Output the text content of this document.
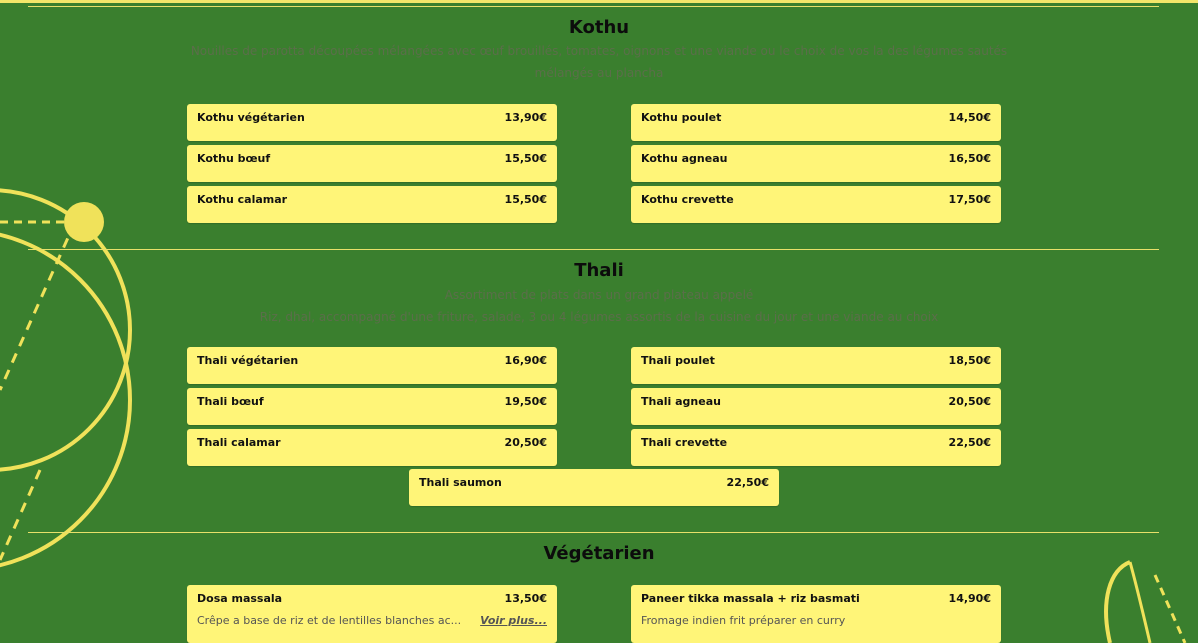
Kothu
Nouilles de parotta découpées mélangées avec œuf brouillés, tomates, oignons et une viande ou le choix de vos la des légumes sautés
mélangés au plancha
Kothu végétarien	13,90€	Kothu poulet	14,50€
Kothu bœuf	15,50€	Kothu agneau	16,50€
Kothu calamar	15,50€	Kothu crevette	17,50€
Thali
Assortiment de plats dans un grand plateau appelé
Riz, dhal, accompagné d'une friture, salade, 3 ou 4 légumes assortis de la cuisine du jour et une viande au choix
Thali végétarien	16,90€	Thali poulet	18,50€
Thali bœuf	19,50€	Thali agneau	20,50€
Thali calamar	20,50€	Thali crevette	22,50€
Thali saumon	22,50€
Végétarien
Dosa massala	13,50€
Crêpe a base de riz et de lentilles blanches ac... Voir plus...
Paneer tikka massala + riz basmati	14,90€
Fromage indien frit préparer en curry
